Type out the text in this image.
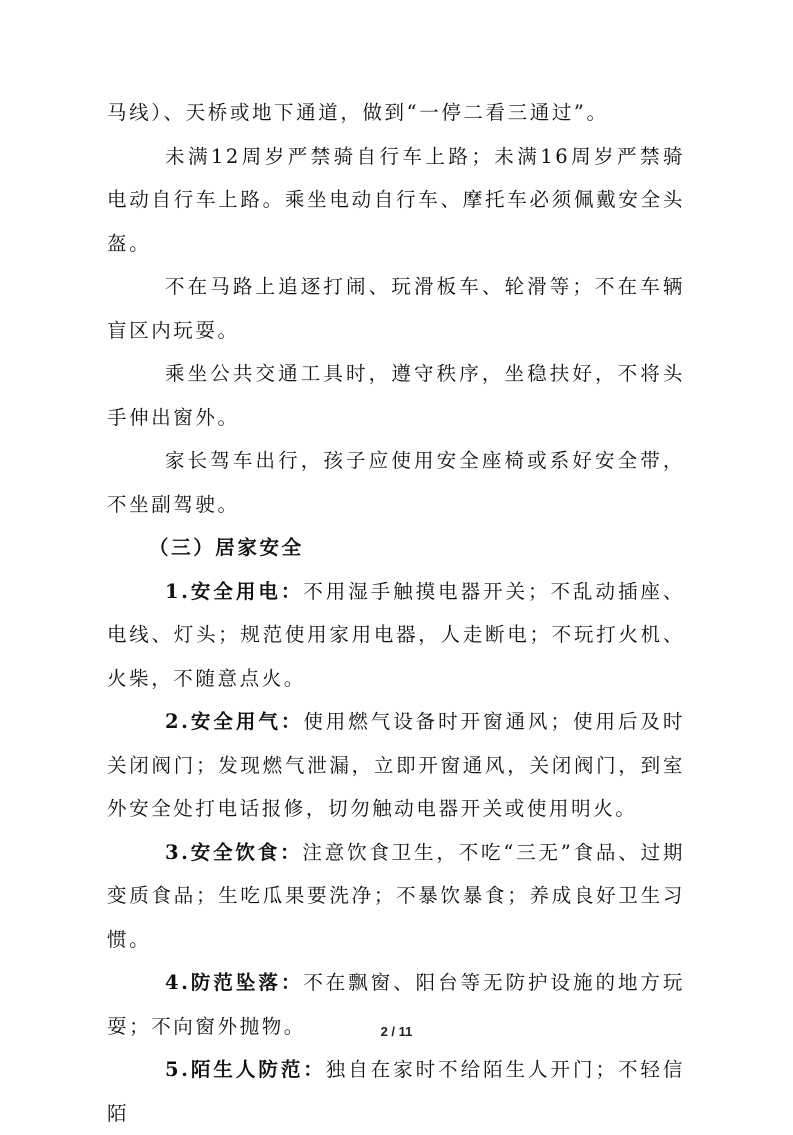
马线）、天桥或地下通道，做到“一停二看三通过”。

未满12周岁严禁骑自行车上路；未满16周岁严禁骑电动自行车上路。乘坐电动自行车、摩托车必须佩戴安全头盔。

不在马路上追逐打闹、玩滑板车、轮滑等；不在车辆盲区内玩耍。

乘坐公共交通工具时，遵守秩序，坐稳扶好，不将头手伸出窗外。

家长驾车出行，孩子应使用安全座椅或系好安全带，不坐副驾驶。

（三）居家安全

1.安全用电：不用湿手触摸电器开关；不乱动插座、电线、灯头；规范使用家用电器，人走断电；不玩打火机、火柴，不随意点火。

2.安全用气：使用燃气设备时开窗通风；使用后及时关闭阀门；发现燃气泄漏，立即开窗通风，关闭阀门，到室外安全处打电话报修，切勿触动电器开关或使用明火。

3.安全饮食：注意饮食卫生，不吃“三无”食品、过期变质食品；生吃瓜果要洗净；不暴饮暴食；养成良好卫生习惯。

4.防范坠落：不在飘窗、阳台等无防护设施的地方玩耍；不向窗外抛物。

5.陌生人防范：独自在家时不给陌生人开门；不轻信陌

2 / 11
